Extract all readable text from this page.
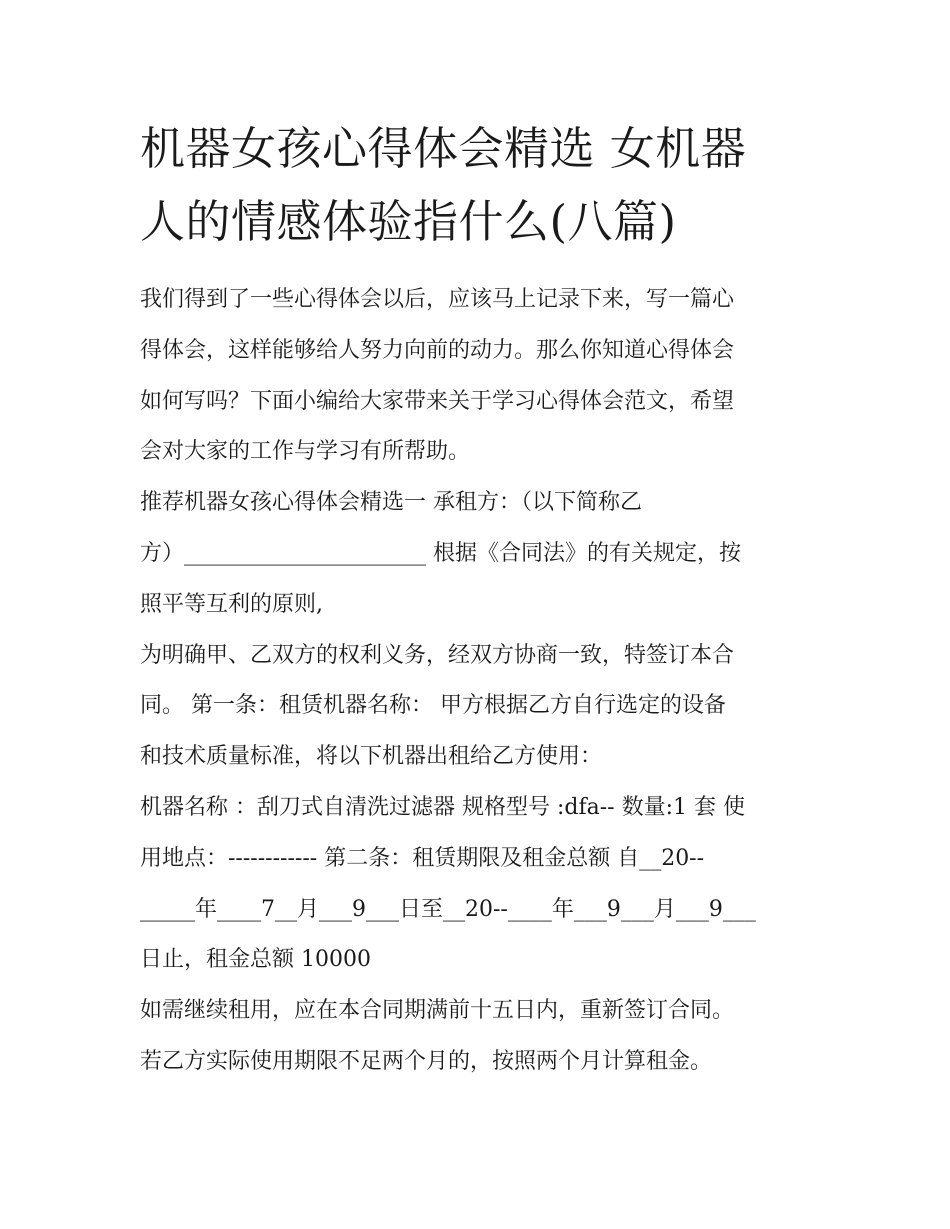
机器女孩心得体会精选 女机器
人的情感体验指什么(八篇)
我们得到了一些心得体会以后，应该马上记录下来，写一篇心
得体会，这样能够给人努力向前的动力。那么你知道心得体会
如何写吗？下面小编给大家带来关于学习心得体会范文，希望
会对大家的工作与学习有所帮助。
推荐机器女孩心得体会精选一 承租方：（以下简称乙
方）______________________ 根据《合同法》的有关规定，按
照平等互利的原则,
为明确甲、乙双方的权利义务，经双方协商一致，特签订本合
同。 第一条：租赁机器名称： 甲方根据乙方自行选定的设备
和技术质量标准，将以下机器出租给乙方使用：
机器名称 ：刮刀式自清洗过滤器 规格型号 :dfa-- 数量:1 套 使
用地点：------------ 第二条：租赁期限及租金总额 自__20--
_____年____7__月___9___日至__20--____年___9___月___9___
日止，租金总额 10000
如需继续租用，应在本合同期满前十五日内，重新签订合同。
若乙方实际使用期限不足两个月的，按照两个月计算租金。
